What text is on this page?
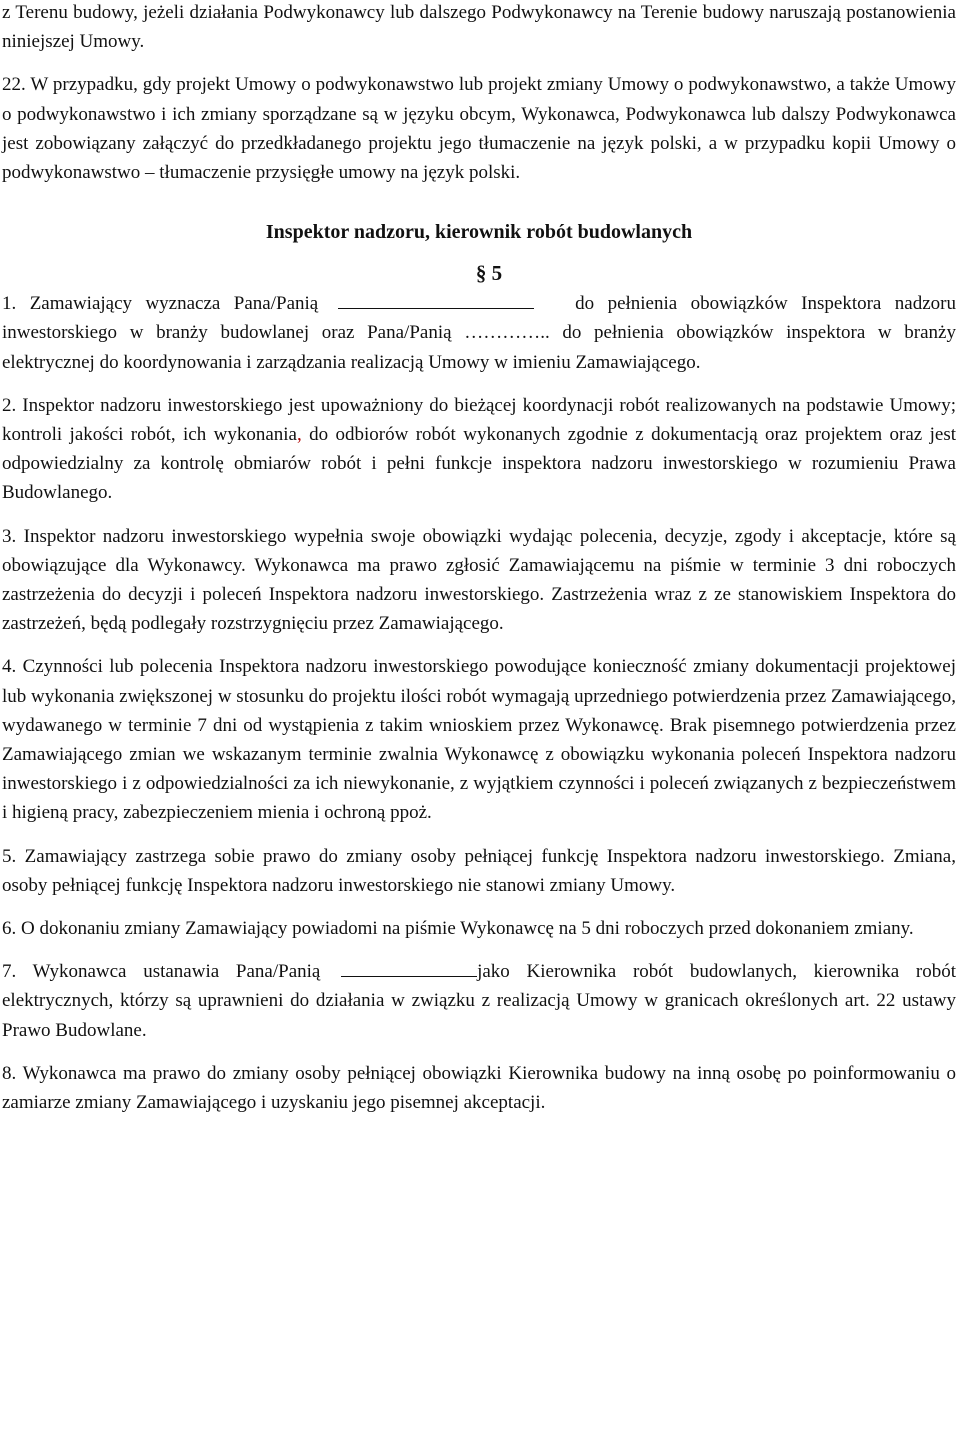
z Terenu budowy, jeżeli działania Podwykonawcy lub dalszego Podwykonawcy na Terenie budowy naruszają postanowienia niniejszej Umowy.

22. W przypadku, gdy projekt Umowy o podwykonawstwo lub projekt zmiany Umowy o podwykonawstwo, a także Umowy o podwykonawstwo i ich zmiany sporządzane są w języku obcym, Wykonawca, Podwykonawca lub dalszy Podwykonawca jest zobowiązany załączyć do przedkładanego projektu jego tłumaczenie na język polski, a w przypadku kopii Umowy o podwykonawstwo – tłumaczenie przysięgłe umowy na język polski.

Inspektor nadzoru, kierownik robót budowlanych

§ 5

1. Zamawiający wyznacza Pana/Panią	do pełnienia obowiązków Inspektora nadzoru inwestorskiego w branży budowlanej oraz Pana/Panią ………….. do pełnienia obowiązków inspektora w branży elektrycznej do koordynowania i zarządzania realizacją Umowy w imieniu Zamawiającego.

2. Inspektor nadzoru inwestorskiego jest upoważniony do bieżącej koordynacji robót realizowanych na podstawie Umowy; kontroli jakości robót, ich wykonania, do odbiorów robót wykonanych zgodnie z dokumentacją oraz projektem oraz jest odpowiedzialny za kontrolę obmiarów robót i pełni funkcje inspektora nadzoru inwestorskiego w rozumieniu Prawa Budowlanego.

3. Inspektor nadzoru inwestorskiego wypełnia swoje obowiązki wydając polecenia, decyzje, zgody i akceptacje, które są obowiązujące dla Wykonawcy. Wykonawca ma prawo zgłosić Zamawiającemu na piśmie w terminie 3 dni roboczych zastrzeżenia do decyzji i poleceń Inspektora nadzoru inwestorskiego. Zastrzeżenia wraz z ze stanowiskiem Inspektora do zastrzeżeń, będą podlegały rozstrzygnięciu przez Zamawiającego.

4. Czynności lub polecenia Inspektora nadzoru inwestorskiego powodujące konieczność zmiany dokumentacji projektowej lub wykonania zwiększonej w stosunku do projektu ilości robót wymagają uprzedniego potwierdzenia przez Zamawiającego, wydawanego w terminie 7 dni od wystąpienia z takim wnioskiem przez Wykonawcę. Brak pisemnego potwierdzenia przez Zamawiającego zmian we wskazanym terminie zwalnia Wykonawcę z obowiązku wykonania poleceń Inspektora nadzoru inwestorskiego i z odpowiedzialności za ich niewykonanie, z wyjątkiem czynności i poleceń związanych z bezpieczeństwem i higieną pracy, zabezpieczeniem mienia i ochroną ppoż.

5. Zamawiający zastrzega sobie prawo do zmiany osoby pełniącej funkcję Inspektora nadzoru inwestorskiego. Zmiana, osoby pełniącej funkcję Inspektora nadzoru inwestorskiego nie stanowi zmiany Umowy.

6. O dokonaniu zmiany Zamawiający powiadomi na piśmie Wykonawcę na 5 dni roboczych przed dokonaniem zmiany.

7. Wykonawca ustanawia Pana/Panią	jako Kierownika robót budowlanych, kierownika robót elektrycznych, którzy są uprawnieni do działania w związku z realizacją Umowy w granicach określonych art. 22 ustawy Prawo Budowlane.

8. Wykonawca ma prawo do zmiany osoby pełniącej obowiązki Kierownika budowy na inną osobę po poinformowaniu o zamiarze zmiany Zamawiającego i uzyskaniu jego pisemnej akceptacji.
